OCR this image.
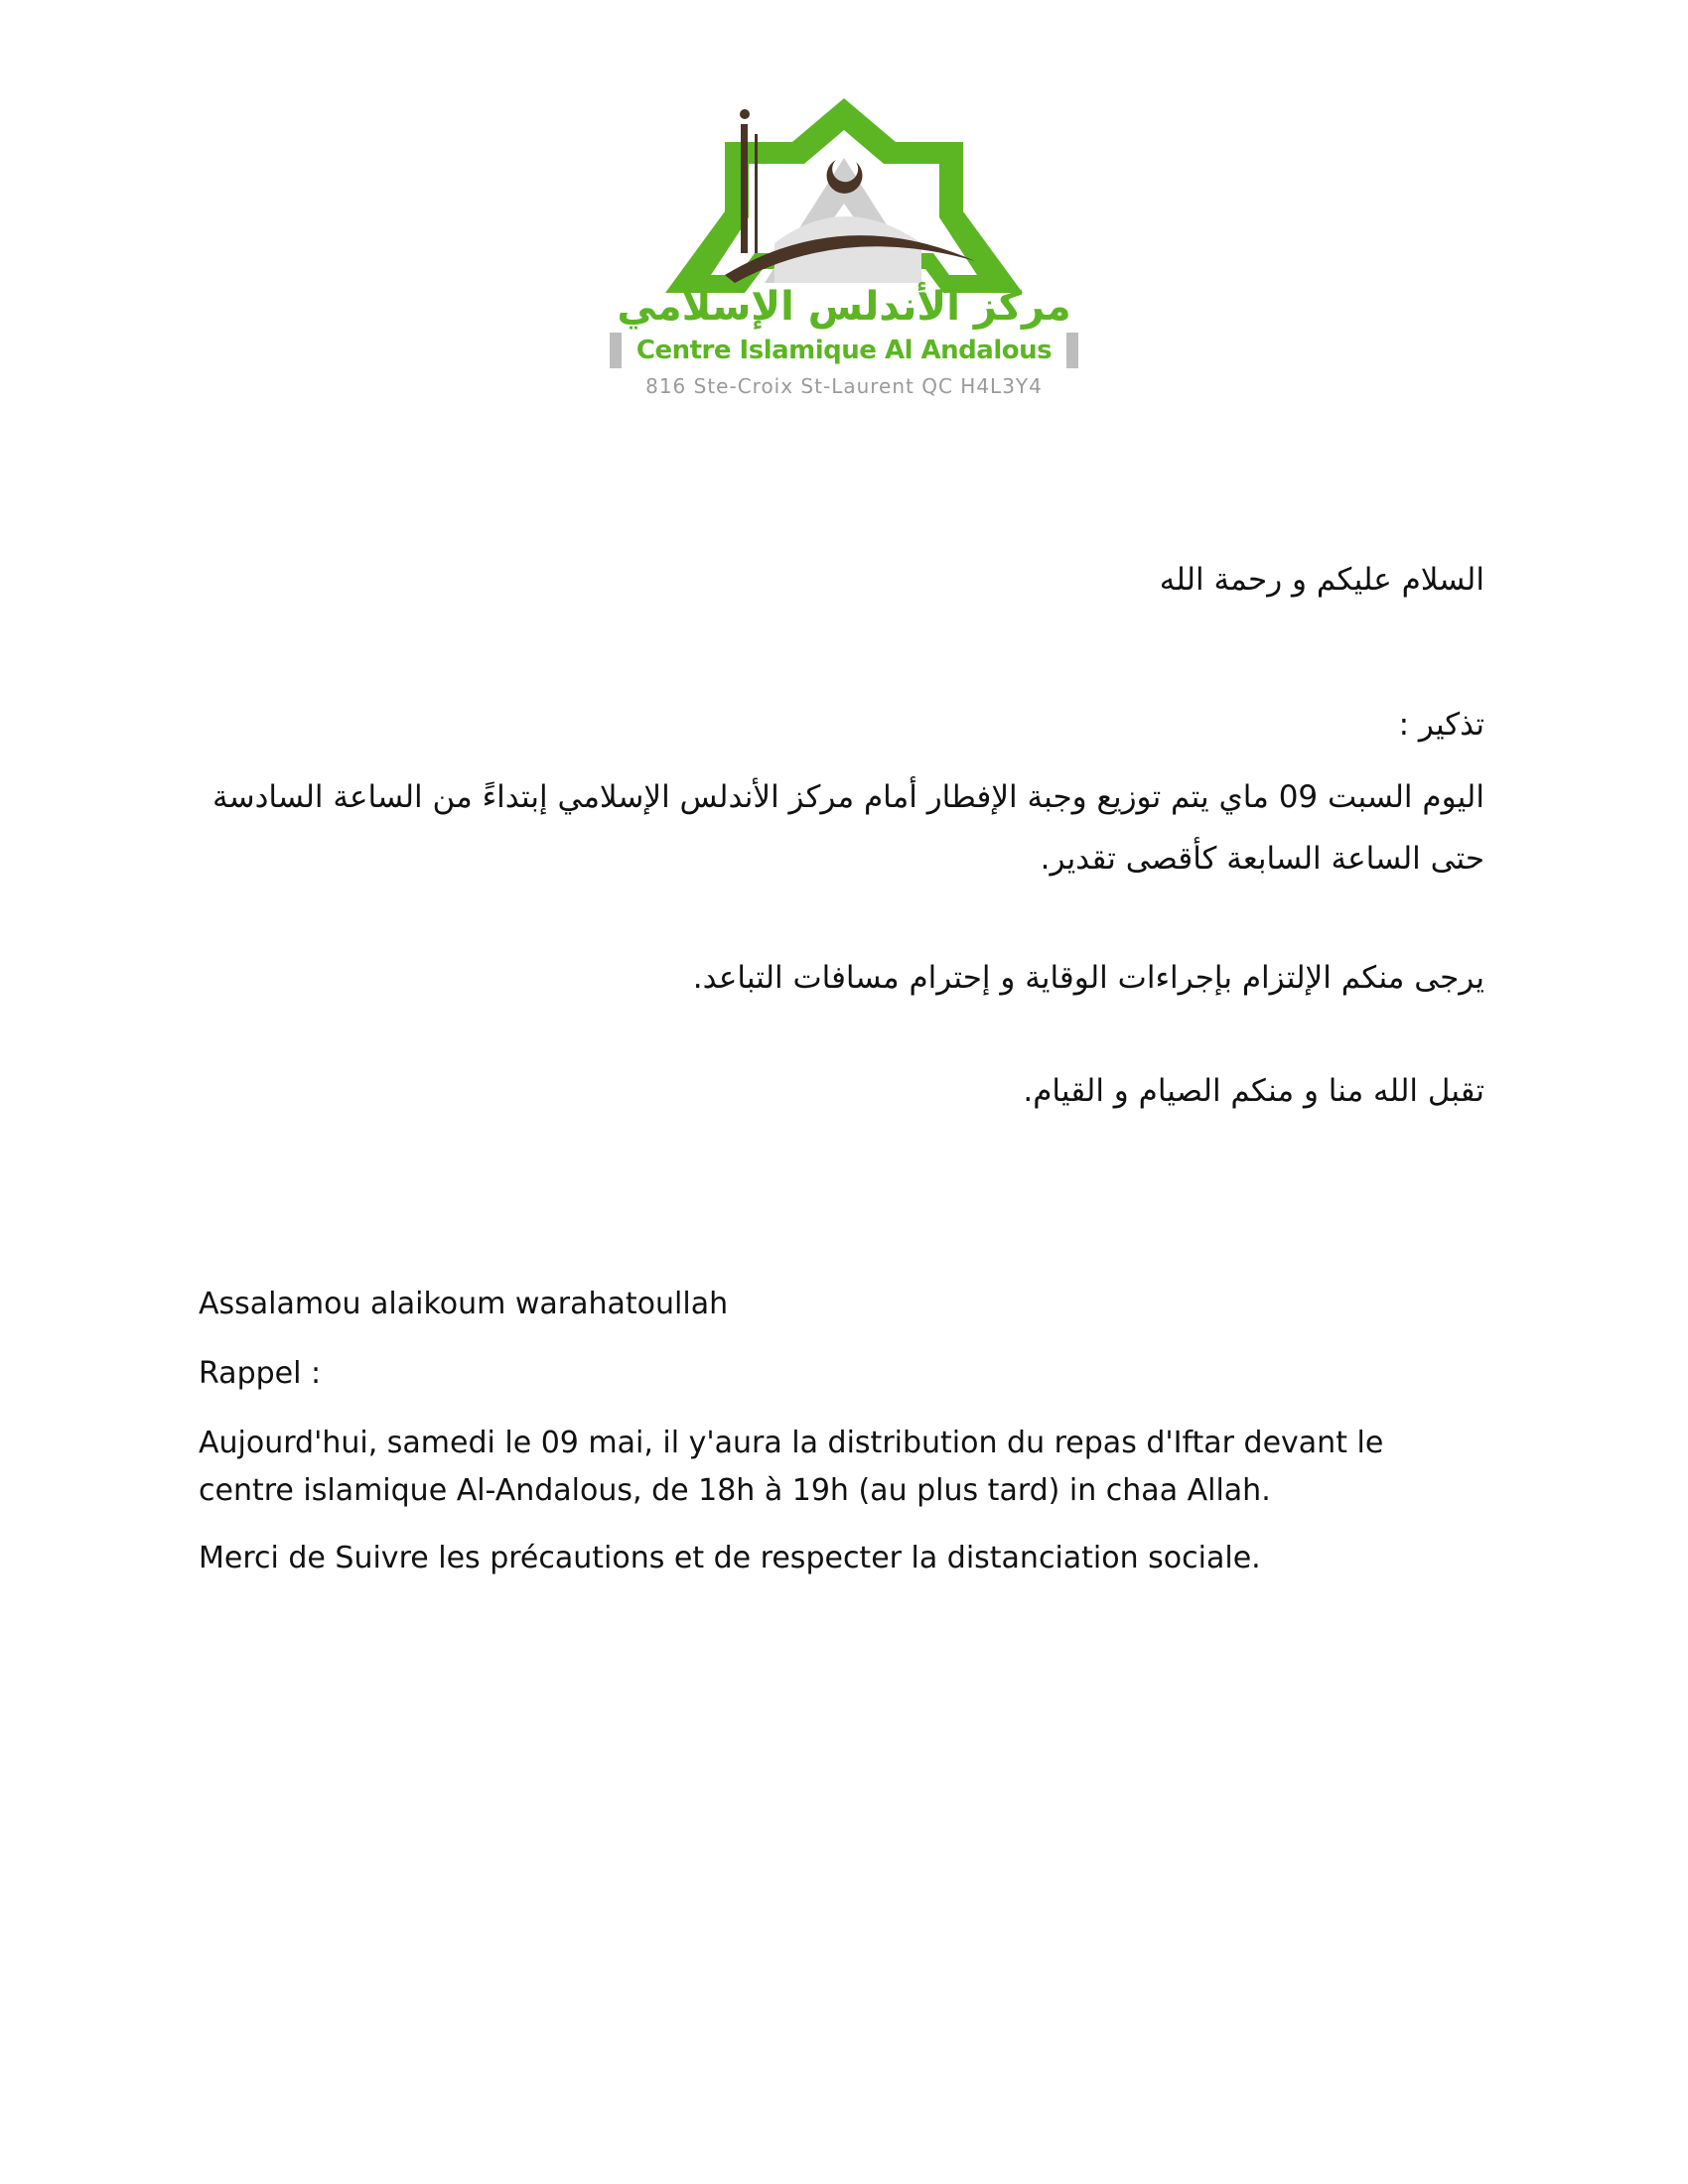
مركز الأندلس الإسلامي
Centre Islamique Al Andalous
816 Ste-Croix St-Laurent QC H4L3Y4
السلام عليكم و رحمة الله
تذكير :
اليوم السبت 09 ماي يتم توزيع وجبة الإفطار أمام مركز الأندلس الإسلامي إبتداءً من الساعة السادسة حتى الساعة السابعة كأقصى تقدير.
يرجى منكم الإلتزام بإجراءات الوقاية و إحترام مسافات التباعد.
تقبل الله منا و منكم الصيام و القيام.
Assalamou alaikoum warahatoullah
Rappel :
Aujourd'hui, samedi le 09 mai, il y'aura la distribution du repas d'Iftar devant le centre islamique Al-Andalous, de 18h à 19h (au plus tard) in chaa Allah.
Merci de Suivre les précautions et de respecter la distanciation sociale.
